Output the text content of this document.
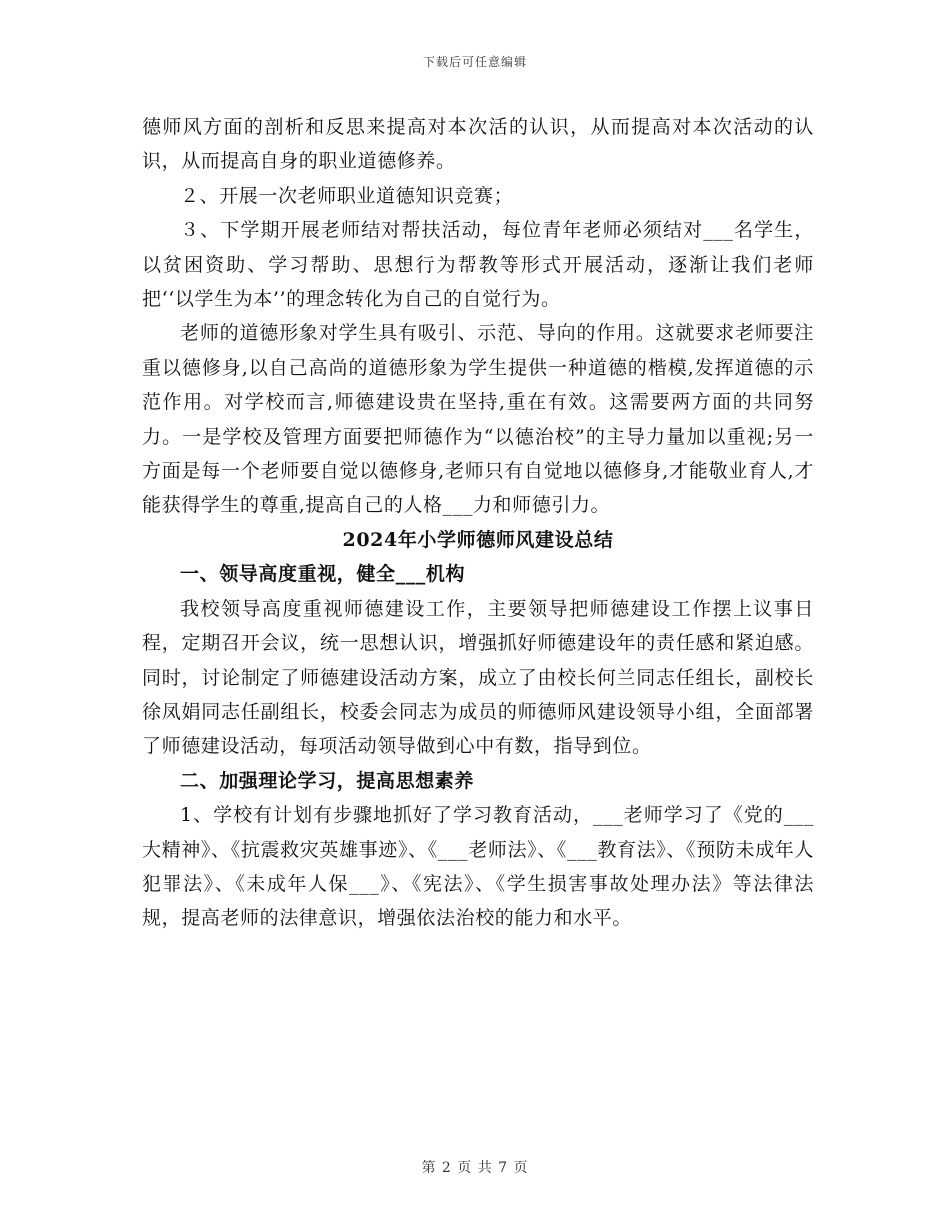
下载后可任意编辑

德师风方面的剖析和反思来提高对本次活的认识，从而提高对本次活动的认识，从而提高自身的职业道德修养。

２、开展一次老师职业道德知识竞赛；

３、下学期开展老师结对帮扶活动，每位青年老师必须结对___名学生，以贫困资助、学习帮助、思想行为帮教等形式开展活动，逐渐让我们老师把‘‘以学生为本’’的理念转化为自己的自觉行为。

老师的道德形象对学生具有吸引、示范、导向的作用。这就要求老师要注重以德修身,以自己高尚的道德形象为学生提供一种道德的楷模,发挥道德的示范作用。对学校而言,师德建设贵在坚持,重在有效。这需要两方面的共同努力。一是学校及管理方面要把师德作为“以德治校”的主导力量加以重视;另一方面是每一个老师要自觉以德修身,老师只有自觉地以德修身,才能敬业育人,才能获得学生的尊重,提高自己的人格___力和师德引力。

2024年小学师德师风建设总结

一、领导高度重视，健全___机构

我校领导高度重视师德建设工作，主要领导把师德建设工作摆上议事日程，定期召开会议，统一思想认识，增强抓好师德建设年的责任感和紧迫感。同时，讨论制定了师德建设活动方案，成立了由校长何兰同志任组长，副校长徐凤娟同志任副组长，校委会同志为成员的师德师风建设领导小组，全面部署了师德建设活动，每项活动领导做到心中有数，指导到位。

二、加强理论学习，提高思想素养

1、学校有计划有步骤地抓好了学习教育活动，___老师学习了《党的___大精神》、《抗震救灾英雄事迹》、《___老师法》、《___教育法》、《预防未成年人犯罪法》、《未成年人保___》、《宪法》、《学生损害事故处理办法》等法律法规，提高老师的法律意识，增强依法治校的能力和水平。

第 2 页 共 7 页
